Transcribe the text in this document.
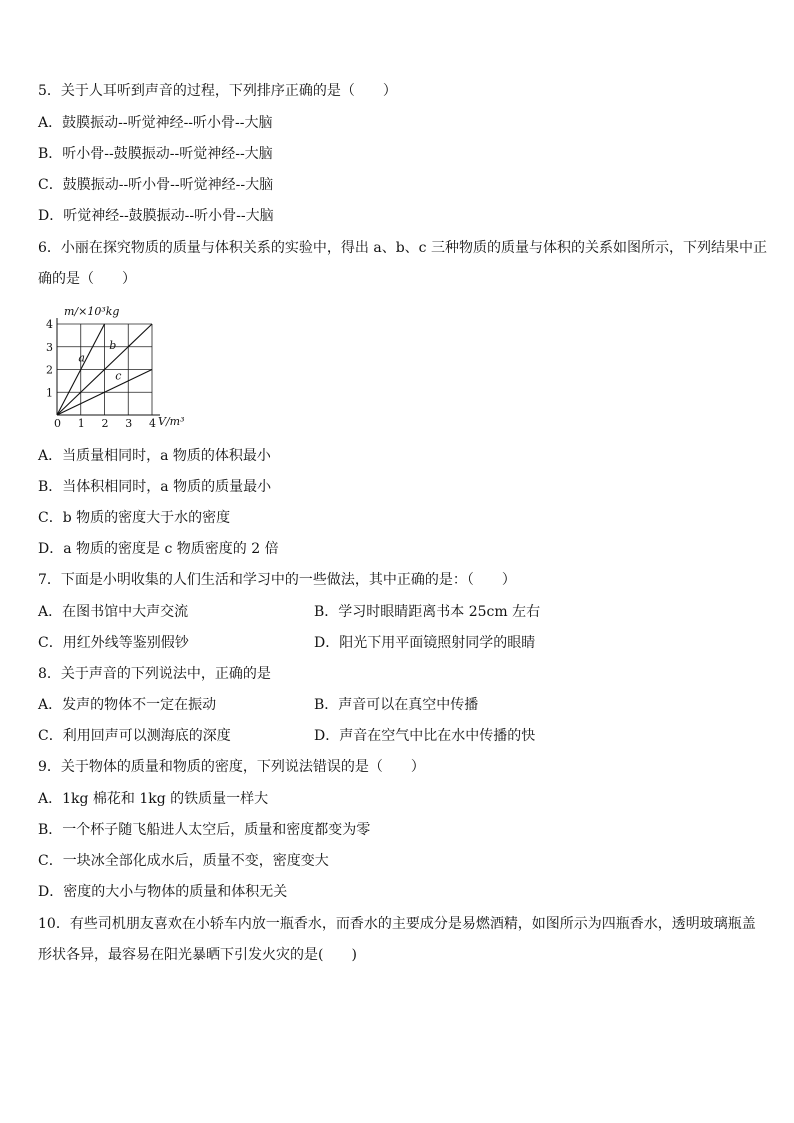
5．关于人耳听到声音的过程，下列排序正确的是（　　）
A．鼓膜振动--听觉神经--听小骨--大脑
B．听小骨--鼓膜振动--听觉神经--大脑
C．鼓膜振动--听小骨--听觉神经--大脑
D．听觉神经--鼓膜振动--听小骨--大脑
6．小丽在探究物质的质量与体积关系的实验中，得出 a、b、c 三种物质的质量与体积的关系如图所示，下列结果中正
确的是（　　）
m/×10³kg
V/m³
0 1 2 3 4
1
2
3
4
a
b
c
A．当质量相同时，a 物质的体积最小
B．当体积相同时，a 物质的质量最小
C．b 物质的密度大于水的密度
D．a 物质的密度是 c 物质密度的 2 倍
7．下面是小明收集的人们生活和学习中的一些做法，其中正确的是：（　　）
A．在图书馆中大声交流	B．学习时眼睛距离书本 25cm 左右
C．用红外线等鉴别假钞	D．阳光下用平面镜照射同学的眼睛
8．关于声音的下列说法中，正确的是
A．发声的物体不一定在振动	B．声音可以在真空中传播
C．利用回声可以测海底的深度	D．声音在空气中比在水中传播的快
9．关于物体的质量和物质的密度，下列说法错误的是（　　）
A．1kg 棉花和 1kg 的铁质量一样大
B．一个杯子随飞船进人太空后，质量和密度都变为零
C．一块冰全部化成水后，质量不变，密度变大
D．密度的大小与物体的质量和体积无关
10．有些司机朋友喜欢在小轿车内放一瓶香水，而香水的主要成分是易燃酒精，如图所示为四瓶香水，透明玻璃瓶盖
形状各异，最容易在阳光暴晒下引发火灾的是(　　)
